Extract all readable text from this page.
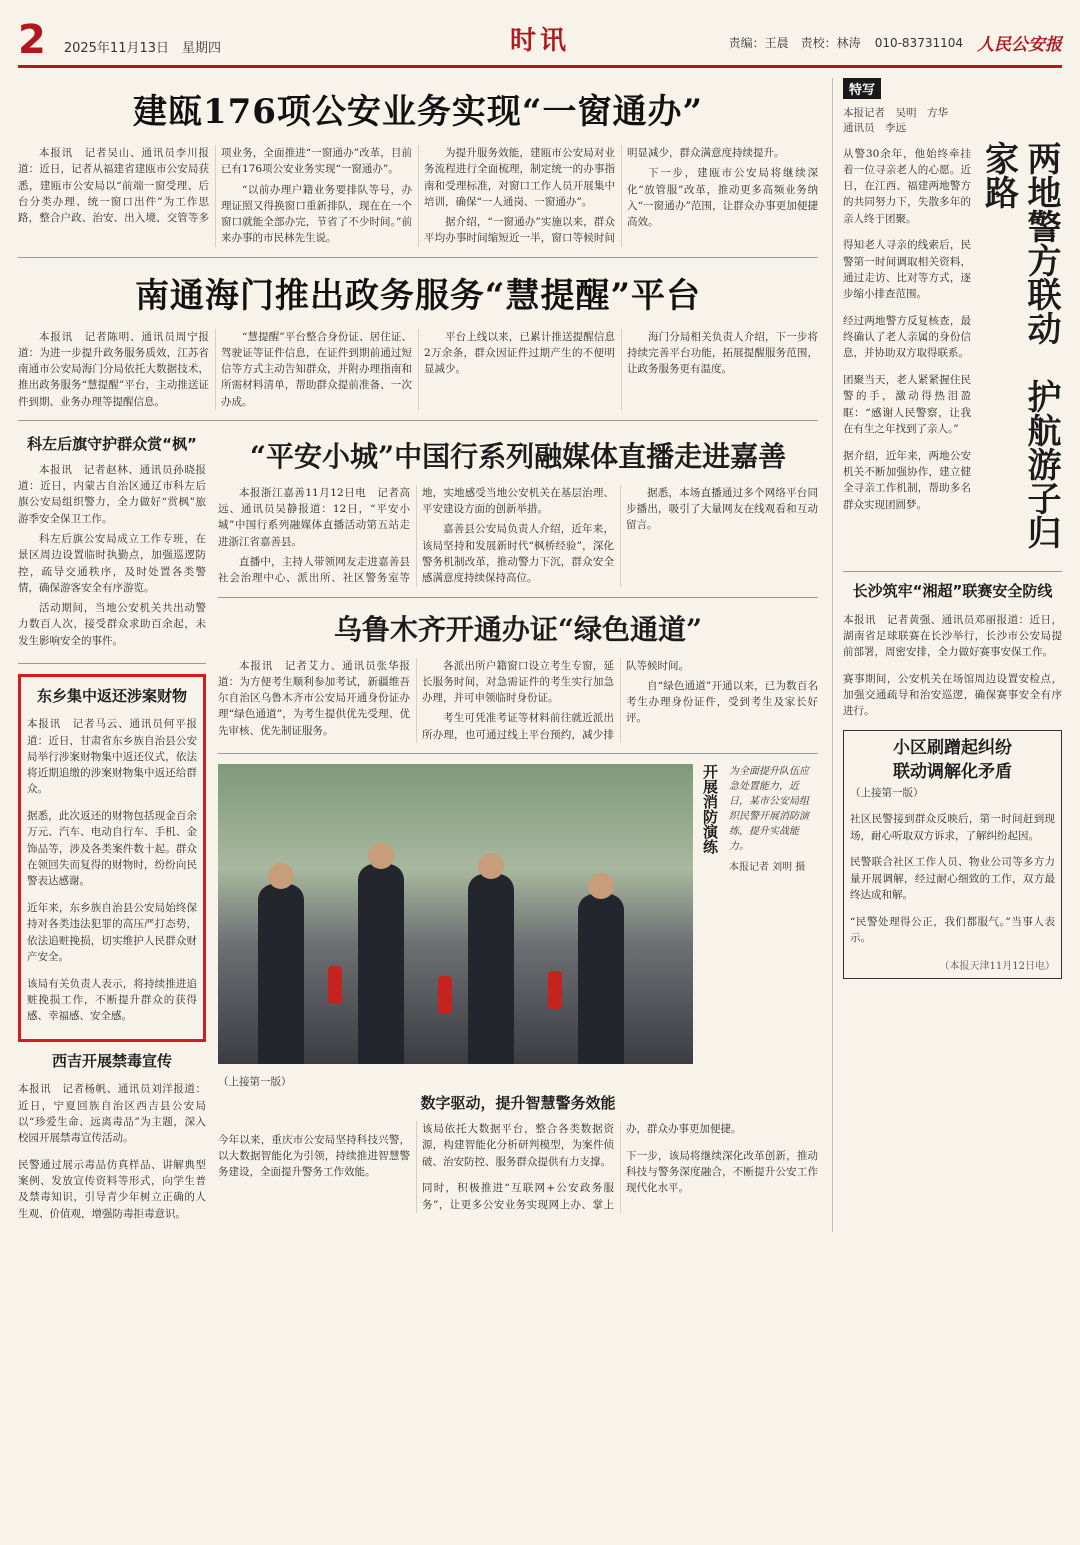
2 2025年11月13日　星期四	时讯	责编：王晨　责校：林涛 010-83731104 人民公安报
建瓯176项公安业务实现“一窗通办”

本报讯　记者吴山、通讯员李川报道：近日，记者从福建省建瓯市公安局获悉，建瓯市公安局以“前端一窗受理、后台分类办理、统一窗口出件”为工作思路，整合户政、治安、出入境、交管等多项业务，全面推进“一窗通办”改革，目前已有176项公安业务实现“一窗通办”。

“以前办理户籍业务要排队等号，办理证照又得换窗口重新排队，现在在一个窗口就能全部办完，节省了不少时间。”前来办事的市民林先生说。

为提升服务效能，建瓯市公安局对业务流程进行全面梳理，制定统一的办事指南和受理标准，对窗口工作人员开展集中培训，确保“一人通岗、一窗通办”。

据介绍，“一窗通办”实施以来，群众平均办事时间缩短近一半，窗口等候时间明显减少，群众满意度持续提升。

下一步，建瓯市公安局将继续深化“放管服”改革，推动更多高频业务纳入“一窗通办”范围，让群众办事更加便捷高效。

南通海门推出政务服务“慧提醒”平台

本报讯　记者陈明、通讯员周宁报道：为进一步提升政务服务质效，江苏省南通市公安局海门分局依托大数据技术，推出政务服务“慧提醒”平台，主动推送证件到期、业务办理等提醒信息。

“慧提醒”平台整合身份证、居住证、驾驶证等证件信息，在证件到期前通过短信等方式主动告知群众，并附办理指南和所需材料清单，帮助群众提前准备、一次办成。

平台上线以来，已累计推送提醒信息2万余条，群众因证件过期产生的不便明显减少。

海门分局相关负责人介绍，下一步将持续完善平台功能，拓展提醒服务范围，让政务服务更有温度。

科左后旗守护群众赏“枫”

本报讯　记者赵林、通讯员孙晓报道：近日，内蒙古自治区通辽市科左后旗公安局组织警力，全力做好“赏枫”旅游季安全保卫工作。

科左后旗公安局成立工作专班，在景区周边设置临时执勤点，加强巡逻防控，疏导交通秩序，及时处置各类警情，确保游客安全有序游览。

活动期间，当地公安机关共出动警力数百人次，接受群众求助百余起，未发生影响安全的事件。

东乡集中返还涉案财物

本报讯　记者马云、通讯员何平报道：近日，甘肃省东乡族自治县公安局举行涉案财物集中返还仪式，依法将近期追缴的涉案财物集中返还给群众。

据悉，此次返还的财物包括现金百余万元、汽车、电动自行车、手机、金饰品等，涉及各类案件数十起。群众在领回失而复得的财物时，纷纷向民警表达感谢。

近年来，东乡族自治县公安局始终保持对各类违法犯罪的高压严打态势，依法追赃挽损，切实维护人民群众财产安全。

该局有关负责人表示，将持续推进追赃挽损工作，不断提升群众的获得感、幸福感、安全感。

西吉开展禁毒宣传

本报讯　记者杨帆、通讯员刘洋报道：近日，宁夏回族自治区西吉县公安局以“珍爱生命、远离毒品”为主题，深入校园开展禁毒宣传活动。

民警通过展示毒品仿真样品、讲解典型案例、发放宣传资料等形式，向学生普及禁毒知识，引导青少年树立正确的人生观、价值观，增强防毒拒毒意识。

“平安小城”中国行系列融媒体直播走进嘉善

本报浙江嘉善11月12日电　记者高远、通讯员吴静报道：12日，“平安小城”中国行系列融媒体直播活动第五站走进浙江省嘉善县。

直播中，主持人带领网友走进嘉善县社会治理中心、派出所、社区警务室等地，实地感受当地公安机关在基层治理、平安建设方面的创新举措。

嘉善县公安局负责人介绍，近年来，该局坚持和发展新时代“枫桥经验”，深化警务机制改革，推动警力下沉，群众安全感满意度持续保持高位。

据悉，本场直播通过多个网络平台同步播出，吸引了大量网友在线观看和互动留言。

乌鲁木齐开通办证“绿色通道”

本报讯　记者艾力、通讯员张华报道：为方便考生顺利参加考试，新疆维吾尔自治区乌鲁木齐市公安局开通身份证办理“绿色通道”，为考生提供优先受理、优先审核、优先制证服务。

各派出所户籍窗口设立考生专窗，延长服务时间，对急需证件的考生实行加急办理，并可申领临时身份证。

考生可凭准考证等材料前往就近派出所办理，也可通过线上平台预约，减少排队等候时间。

自“绿色通道”开通以来，已为数百名考生办理身份证件，受到考生及家长好评。

开展消防演练 为全面提升队伍应急处置能力，近日，某市公安局组织民警开展消防演练，提升实战能力。
本报记者 刘明 摄
（上接第一版）
数字驱动，提升智慧警务效能

今年以来，重庆市公安局坚持科技兴警，以大数据智能化为引领，持续推进智慧警务建设，全面提升警务工作效能。

该局依托大数据平台，整合各类数据资源，构建智能化分析研判模型，为案件侦破、治安防控、服务群众提供有力支撑。

同时，积极推进“互联网+公安政务服务”，让更多公安业务实现网上办、掌上办，群众办事更加便捷。

下一步，该局将继续深化改革创新，推动科技与警务深度融合，不断提升公安工作现代化水平。

特写
本报记者　吴明　方华
通讯员　李远
两地警方联动　护航游子归家路

从警30余年，他始终牵挂着一位寻亲老人的心愿。近日，在江西、福建两地警方的共同努力下，失散多年的亲人终于团聚。

得知老人寻亲的线索后，民警第一时间调取相关资料，通过走访、比对等方式，逐步缩小排查范围。

经过两地警方反复核查，最终确认了老人亲属的身份信息，并协助双方取得联系。

团聚当天，老人紧紧握住民警的手，激动得热泪盈眶：“感谢人民警察，让我在有生之年找到了亲人。”

据介绍，近年来，两地公安机关不断加强协作，建立健全寻亲工作机制，帮助多名群众实现团圆梦。

长沙筑牢“湘超”联赛安全防线

本报讯　记者黄强、通讯员邓丽报道：近日，湖南省足球联赛在长沙举行，长沙市公安局提前部署，周密安排，全力做好赛事安保工作。

赛事期间，公安机关在场馆周边设置安检点，加强交通疏导和治安巡逻，确保赛事安全有序进行。

小区刷蹭起纠纷
联动调解化矛盾
（上接第一版）

社区民警接到群众反映后，第一时间赶到现场，耐心听取双方诉求，了解纠纷起因。

民警联合社区工作人员、物业公司等多方力量开展调解，经过耐心细致的工作，双方最终达成和解。

“民警处理得公正，我们都服气。”当事人表示。

（本报天津11月12日电）
